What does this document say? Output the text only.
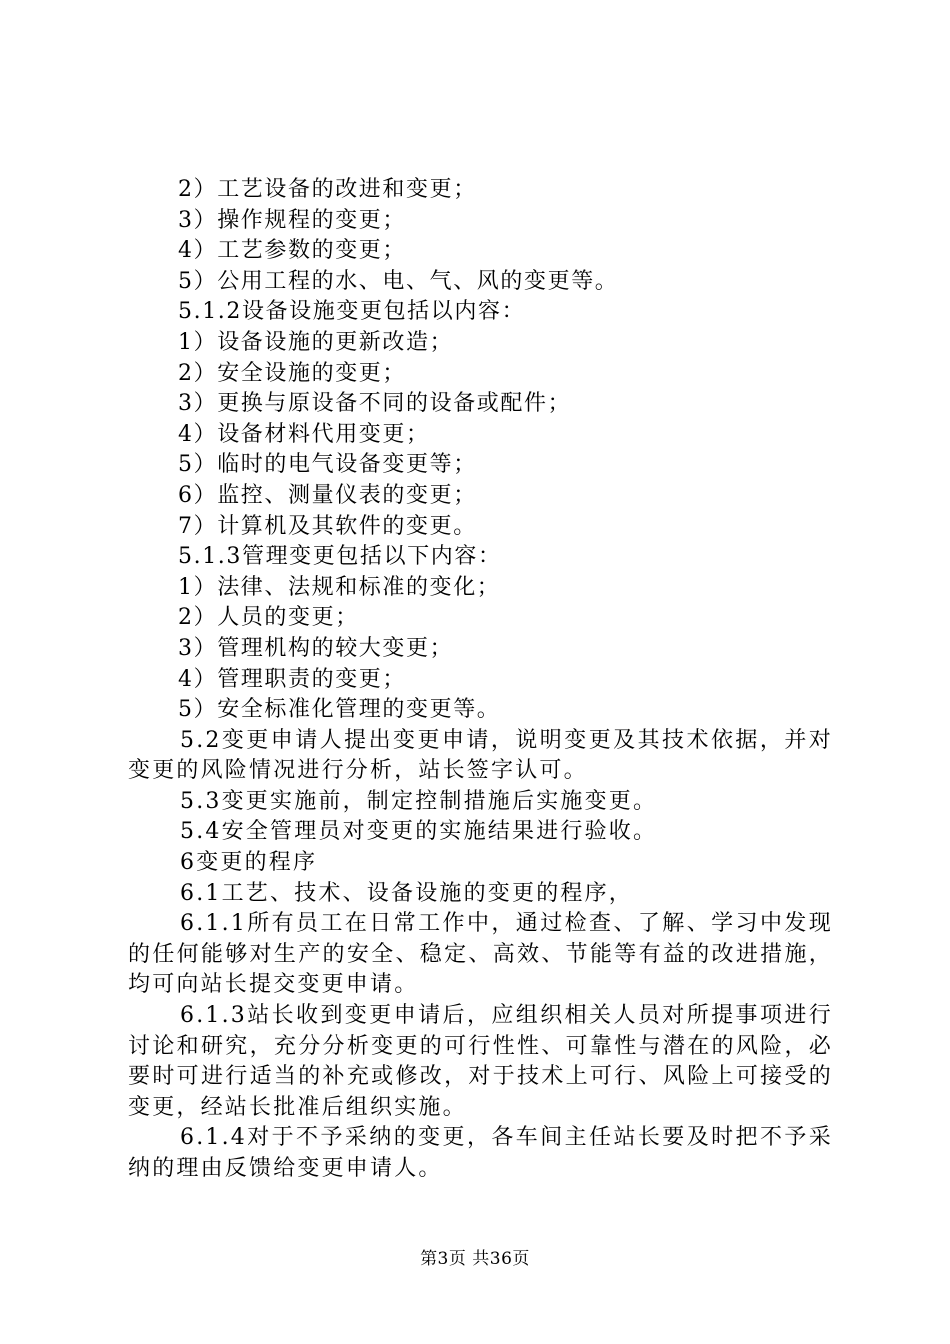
2）工艺设备的改进和变更；

3）操作规程的变更；

4）工艺参数的变更；

5）公用工程的水、电、气、风的变更等。

5.1.2设备设施变更包括以内容：

1）设备设施的更新改造；

2）安全设施的变更；

3）更换与原设备不同的设备或配件；

4）设备材料代用变更；

5）临时的电气设备变更等；

6）监控、测量仪表的变更；

7）计算机及其软件的变更。

5.1.3管理变更包括以下内容：

1）法律、法规和标准的变化；

2）人员的变更；

3）管理机构的较大变更；

4）管理职责的变更；

5）安全标准化管理的变更等。

5.2变更申请人提出变更申请，说明变更及其技术依据，并对变更的风险情况进行分析，站长签字认可。

5.3变更实施前，制定控制措施后实施变更。

5.4安全管理员对变更的实施结果进行验收。

6变更的程序

6.1工艺、技术、设备设施的变更的程序，

6.1.1所有员工在日常工作中，通过检查、了解、学习中发现的任何能够对生产的安全、稳定、高效、节能等有益的改进措施，均可向站长提交变更申请。

6.1.3站长收到变更申请后，应组织相关人员对所提事项进行讨论和研究，充分分析变更的可行性性、可靠性与潜在的风险，必要时可进行适当的补充或修改，对于技术上可行、风险上可接受的变更，经站长批准后组织实施。

6.1.4对于不予采纳的变更，各车间主任站长要及时把不予采纳的理由反馈给变更申请人。

第3页 共36页
